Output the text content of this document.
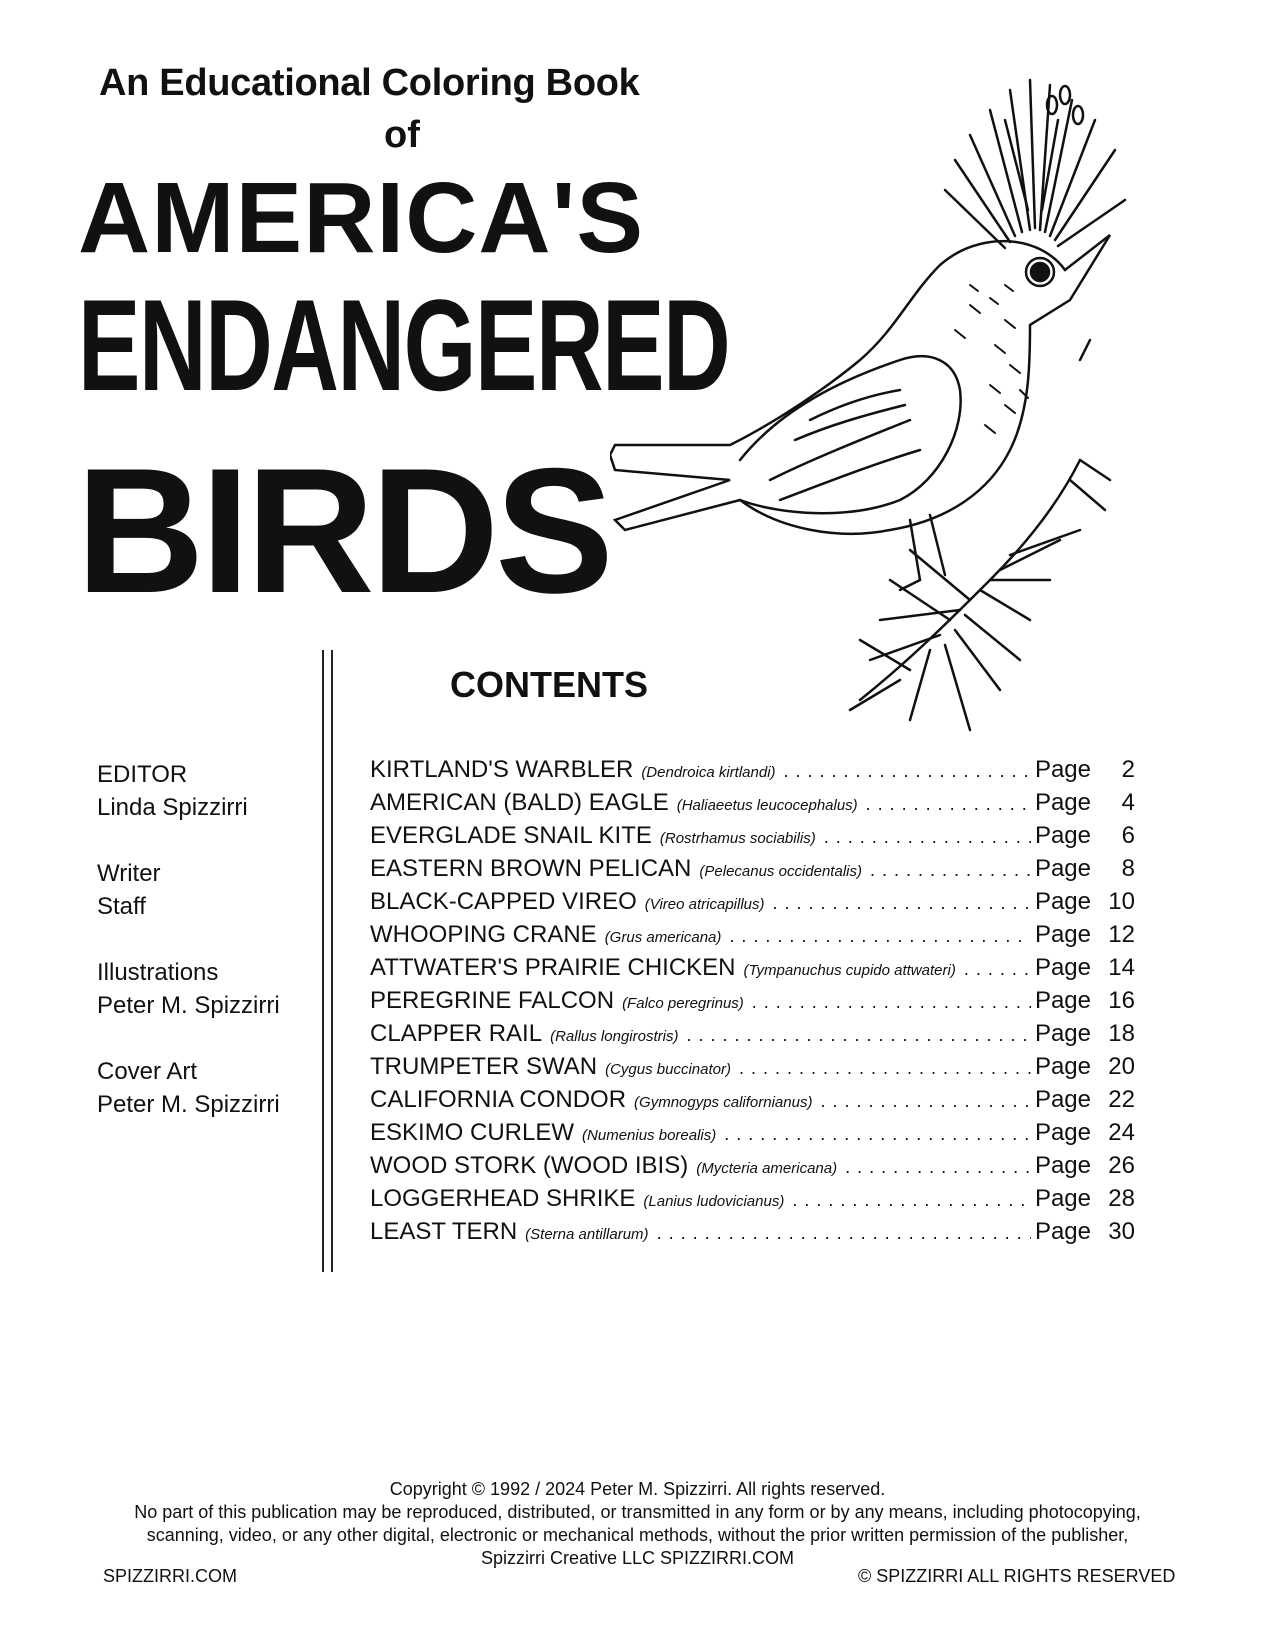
An Educational Coloring Book
of
AMERICA'S
ENDANGERED
BIRDS
CONTENTS
EDITOR
Linda Spizzirri
Writer
Staff
Illustrations
Peter M. Spizzirri
Cover Art
Peter M. Spizzirri
KIRTLAND'S WARBLER (Dendroica kirtlandi) . . .	Page	2
AMERICAN (BALD) EAGLE (Haliaeetus leucocephalus) . . .	Page	4
EVERGLADE SNAIL KITE (Rostrhamus sociabilis) . . .	Page	6
EASTERN BROWN PELICAN (Pelecanus occidentalis) . . .	Page	8
BLACK-CAPPED VIREO (Vireo atricapillus) . . .	Page 10
WHOOPING CRANE (Grus americana) . . .	Page 12
ATTWATER'S PRAIRIE CHICKEN (Tympanuchus cupido attwateri) . . .	Page 14
PEREGRINE FALCON (Falco peregrinus) . . .	Page 16
CLAPPER RAIL (Rallus longirostris) . . .	Page 18
TRUMPETER SWAN (Cygus buccinator) . . .	Page 20
CALIFORNIA CONDOR (Gymnogyps californianus) . . .	Page 22
ESKIMO CURLEW (Numenius borealis) . . .	Page 24
WOOD STORK (WOOD IBIS) (Mycteria americana) . . .	Page 26
LOGGERHEAD SHRIKE (Lanius ludovicianus) . . .	Page 28
LEAST TERN (Sterna antillarum) . . .	Page 30
Copyright © 1992 / 2024 Peter M. Spizzirri. All rights reserved.
No part of this publication may be reproduced, distributed, or transmitted in any form or by any means, including photocopying,
scanning, video, or any other digital, electronic or mechanical methods, without the prior written permission of the publisher,
Spizzirri Creative LLC SPIZZIRRI.COM
SPIZZIRRI.COM	© SPIZZIRRI ALL RIGHTS RESERVED
